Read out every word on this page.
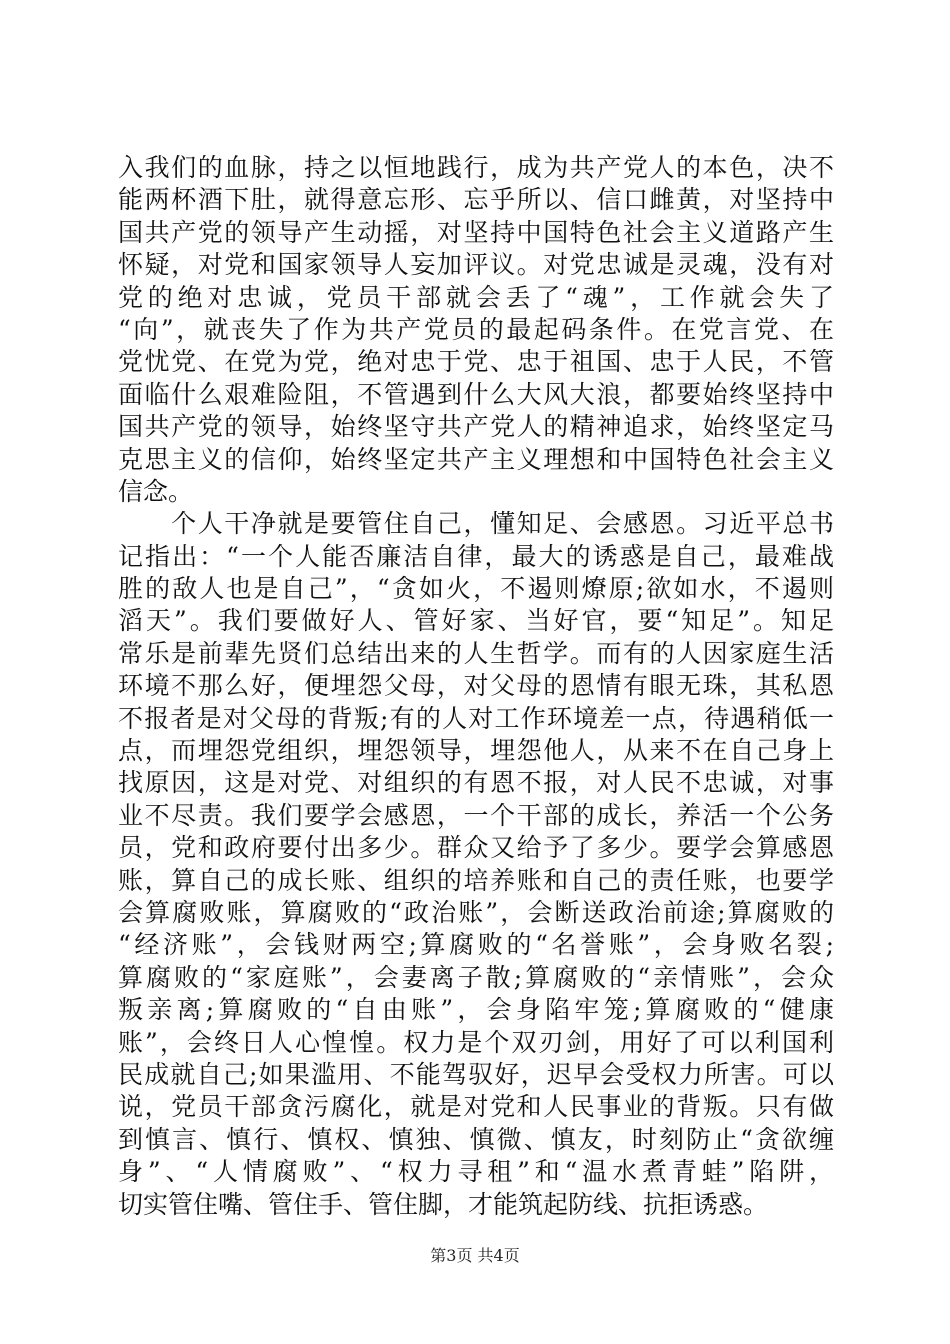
入我们的血脉，持之以恒地践行，成为共产党人的本色，决不
能两杯酒下肚，就得意忘形、忘乎所以、信口雌黄，对坚持中
国共产党的领导产生动摇，对坚持中国特色社会主义道路产生
怀疑，对党和国家领导人妄加评议。对党忠诚是灵魂，没有对
党的绝对忠诚，党员干部就会丢了“魂”，工作就会失了
“向”，就丧失了作为共产党员的最起码条件。在党言党、在
党忧党、在党为党，绝对忠于党、忠于祖国、忠于人民，不管
面临什么艰难险阻，不管遇到什么大风大浪，都要始终坚持中
国共产党的领导，始终坚守共产党人的精神追求，始终坚定马
克思主义的信仰，始终坚定共产主义理想和中国特色社会主义
信念。
　　个人干净就是要管住自己，懂知足、会感恩。习近平总书
记指出：“一个人能否廉洁自律，最大的诱惑是自己，最难战
胜的敌人也是自己”，“贪如火，不遏则燎原;欲如水，不遏则
滔天”。我们要做好人、管好家、当好官，要“知足”。知足
常乐是前辈先贤们总结出来的人生哲学。而有的人因家庭生活
环境不那么好，便埋怨父母，对父母的恩情有眼无珠，其私恩
不报者是对父母的背叛;有的人对工作环境差一点，待遇稍低一
点，而埋怨党组织，埋怨领导，埋怨他人，从来不在自己身上
找原因，这是对党、对组织的有恩不报，对人民不忠诚，对事
业不尽责。我们要学会感恩，一个干部的成长，养活一个公务
员，党和政府要付出多少。群众又给予了多少。要学会算感恩
账，算自己的成长账、组织的培养账和自己的责任账，也要学
会算腐败账，算腐败的“政治账”，会断送政治前途;算腐败的
“经济账”，会钱财两空;算腐败的“名誉账”，会身败名裂;
算腐败的“家庭账”，会妻离子散;算腐败的“亲情账”，会众
叛亲离;算腐败的“自由账”，会身陷牢笼;算腐败的“健康
账”，会终日人心惶惶。权力是个双刃剑，用好了可以利国利
民成就自己;如果滥用、不能驾驭好，迟早会受权力所害。可以
说，党员干部贪污腐化，就是对党和人民事业的背叛。只有做
到慎言、慎行、慎权、慎独、慎微、慎友，时刻防止“贪欲缠
身”、“人情腐败”、“权力寻租”和“温水煮青蛙”陷阱，
切实管住嘴、管住手、管住脚，才能筑起防线、抗拒诱惑。
第3页 共4页
